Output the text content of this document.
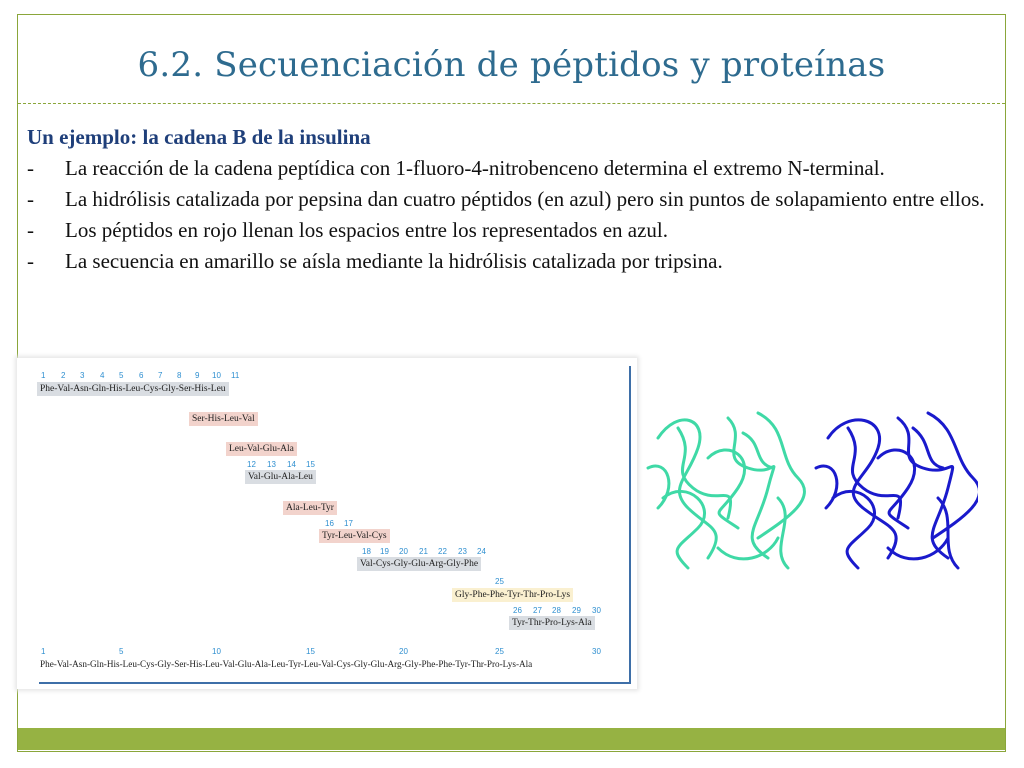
6.2. Secuenciación de péptidos y proteínas
Un ejemplo: la cadena B de la insulina
- La reacción de la cadena peptídica con 1-fluoro-4-nitrobenceno determina el extremo N-terminal.
- La hidrólisis catalizada por pepsina dan cuatro péptidos (en azul) pero sin puntos de solapamiento entre ellos.
- Los péptidos en rojo llenan los espacios entre los representados en azul.
- La secuencia en amarillo se aísla mediante la hidrólisis catalizada por tripsina.
1 2 3 4 5 6 7 8 9 10 11
Phe-Val-Asn-Gln-His-Leu-Cys-Gly-Ser-His-Leu
Ser-His-Leu-Val
Leu-Val-Glu-Ala
12 13 14 15
Val-Glu-Ala-Leu
Ala-Leu-Tyr
16 17
Tyr-Leu-Val-Cys
18 19 20 21 22 23 24
Val-Cys-Gly-Glu-Arg-Gly-Phe
25
Gly-Phe-Phe-Tyr-Thr-Pro-Lys
26 27 28 29 30
Tyr-Thr-Pro-Lys-Ala
1	5	10	15	20	25	30
Phe-Val-Asn-Gln-His-Leu-Cys-Gly-Ser-His-Leu-Val-Glu-Ala-Leu-Tyr-Leu-Val-Cys-Gly-Glu-Arg-Gly-Phe-Phe-Tyr-Thr-Pro-Lys-Ala
